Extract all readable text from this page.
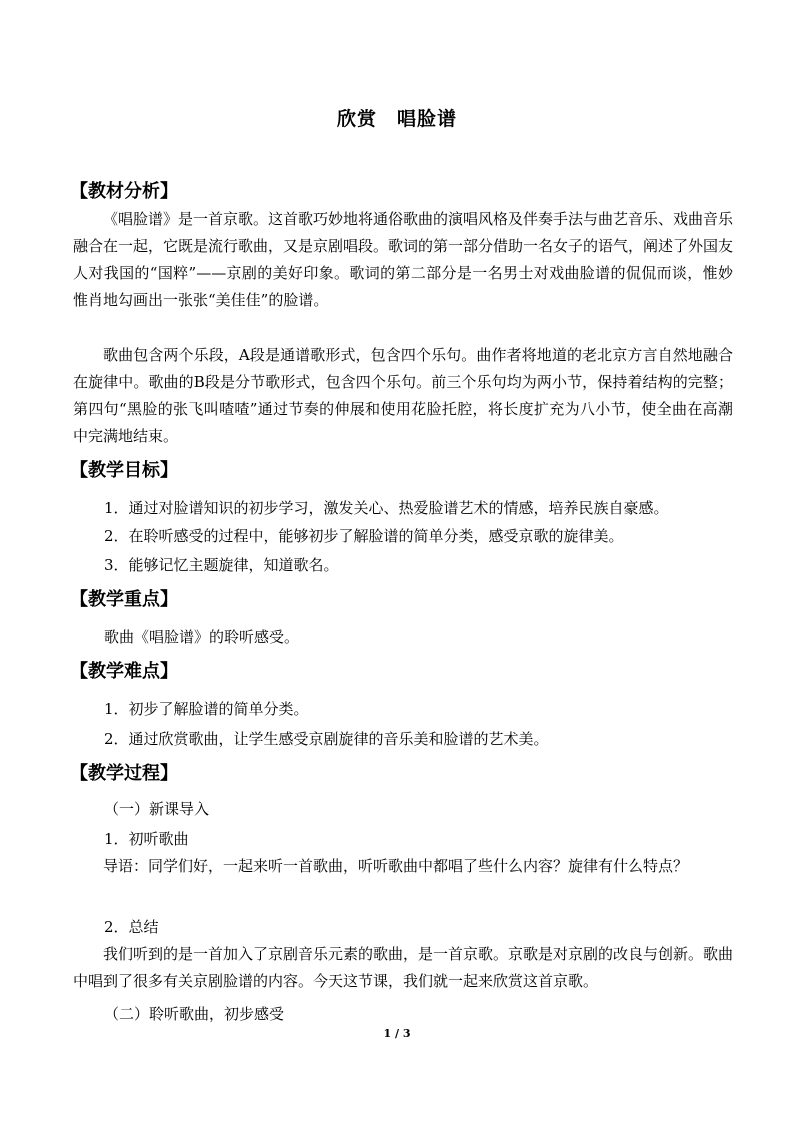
欣赏　唱脸谱
【教材分析】
《唱脸谱》是一首京歌。这首歌巧妙地将通俗歌曲的演唱风格及伴奏手法与曲艺音乐、戏曲音乐融合在一起，它既是流行歌曲，又是京剧唱段。歌词的第一部分借助一名女子的语气，阐述了外国友人对我国的“国粹”——京剧的美好印象。歌词的第二部分是一名男士对戏曲脸谱的侃侃而谈，惟妙惟肖地勾画出一张张“美佳佳”的脸谱。
歌曲包含两个乐段，A段是通谱歌形式，包含四个乐句。曲作者将地道的老北京方言自然地融合在旋律中。歌曲的B段是分节歌形式，包含四个乐句。前三个乐句均为两小节，保持着结构的完整；第四句“黑脸的张飞叫喳喳”通过节奏的伸展和使用花脸托腔，将长度扩充为八小节，使全曲在高潮中完满地结束。
【教学目标】
1．通过对脸谱知识的初步学习，激发关心、热爱脸谱艺术的情感，培养民族自豪感。
2．在聆听感受的过程中，能够初步了解脸谱的简单分类，感受京歌的旋律美。
3．能够记忆主题旋律，知道歌名。
【教学重点】
歌曲《唱脸谱》的聆听感受。
【教学难点】
1．初步了解脸谱的简单分类。
2．通过欣赏歌曲，让学生感受京剧旋律的音乐美和脸谱的艺术美。
【教学过程】
（一）新课导入
1．初听歌曲
导语：同学们好，一起来听一首歌曲，听听歌曲中都唱了些什么内容？旋律有什么特点？
2．总结
我们听到的是一首加入了京剧音乐元素的歌曲，是一首京歌。京歌是对京剧的改良与创新。歌曲中唱到了很多有关京剧脸谱的内容。今天这节课，我们就一起来欣赏这首京歌。
（二）聆听歌曲，初步感受
1 / 3
